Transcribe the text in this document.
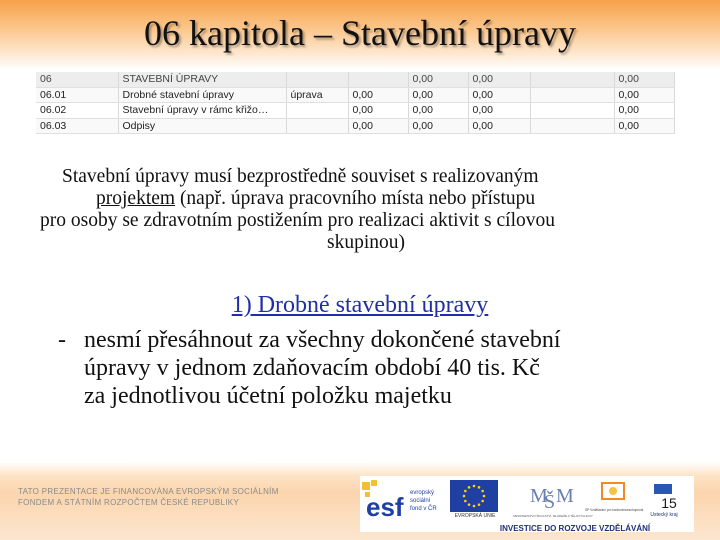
06 kapitola – Stavební úpravy
06	STAVEBNÍ ÚPRAVY			0,00	0,00		0,00
06.01	Drobné stavební úpravy	úprava	0,00	0,00	0,00		0,00
06.02	Stavební úpravy v rámc křižo…		0,00	0,00	0,00		0,00
06.03	Odpisy		0,00	0,00	0,00		0,00
Stavební úpravy musí bezprostředně souviset s realizovaným
projektem (např. úprava pracovního místa nebo přístupu
pro osoby se zdravotním postižením pro realizaci aktivit s cílovou
skupinou)
1) Drobné stavební úpravy
- nesmí přesáhnout za všechny dokončené stavební
úpravy v jednom zdaňovacím období 40 tis. Kč
za jednotlivou účetní položku majetku
TATO PREZENTACE JE FINANCOVÁNA EVROPSKÝM SOCIÁLNÍM
FONDEM A STÁTNÍM ROZPOČTEM ČESKÉ REPUBLIKY	esf evropský
sociální
fond v ČR
EVROPSKÁ UNIE
M
Š M
MINISTERSTVO ŠKOLSTVÍ, MLÁDEŽE A TĚLOVÝCHOVY
OP Vzdělávání pro konkurenceschopnost
Ústecký kraj
INVESTICE DO ROZVOJE VZDĚLÁVÁNÍ
15
